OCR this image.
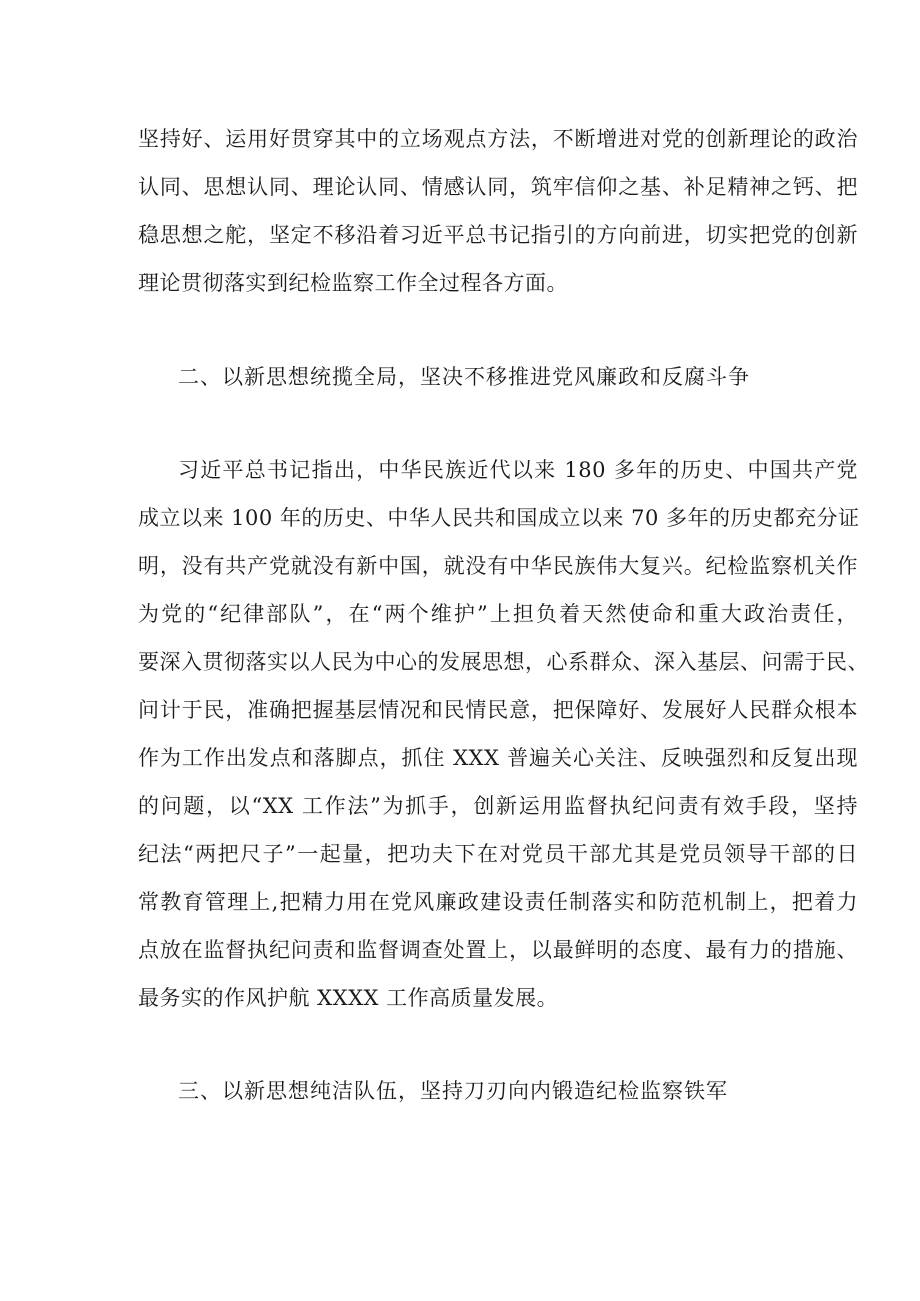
坚持好、运用好贯穿其中的立场观点方法，不断增进对党的创新理论的政治
认同、思想认同、理论认同、情感认同，筑牢信仰之基、补足精神之钙、把
稳思想之舵，坚定不移沿着习近平总书记指引的方向前进，切实把党的创新
理论贯彻落实到纪检监察工作全过程各方面。
二、以新思想统揽全局，坚决不移推进党风廉政和反腐斗争
习近平总书记指出，中华民族近代以来 180 多年的历史、中国共产党
成立以来 100 年的历史、中华人民共和国成立以来 70 多年的历史都充分证
明，没有共产党就没有新中国，就没有中华民族伟大复兴。纪检监察机关作
为党的“纪律部队”，在“两个维护”上担负着天然使命和重大政治责任，
要深入贯彻落实以人民为中心的发展思想，心系群众、深入基层、问需于民、
问计于民，准确把握基层情况和民情民意，把保障好、发展好人民群众根本
作为工作出发点和落脚点，抓住 XXX 普遍关心关注、反映强烈和反复出现
的问题，以“XX 工作法”为抓手，创新运用监督执纪问责有效手段，坚持
纪法“两把尺子”一起量，把功夫下在对党员干部尤其是党员领导干部的日
常教育管理上,把精力用在党风廉政建设责任制落实和防范机制上，把着力
点放在监督执纪问责和监督调查处置上，以最鲜明的态度、最有力的措施、
最务实的作风护航 XXXX 工作高质量发展。
三、以新思想纯洁队伍，坚持刀刃向内锻造纪检监察铁军
